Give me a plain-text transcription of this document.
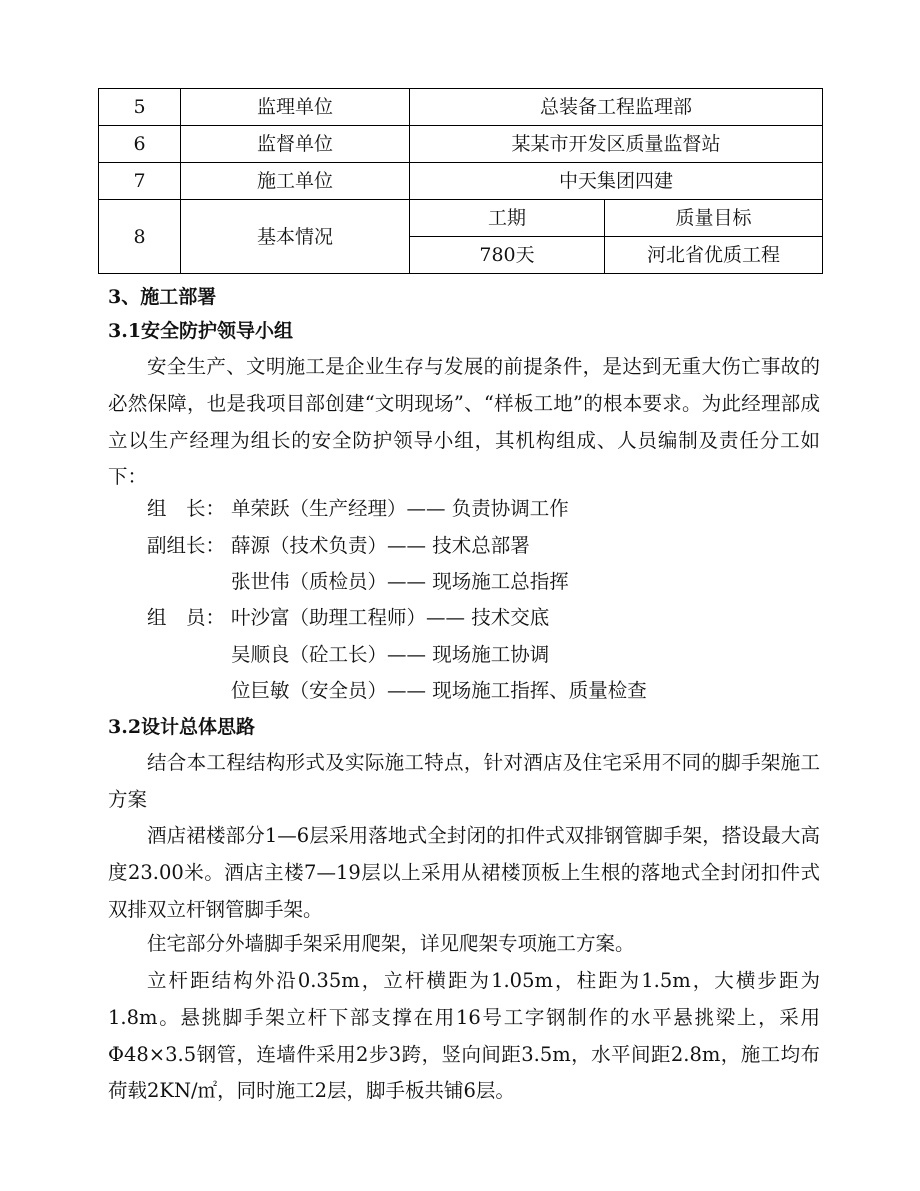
5	监理单位	总装备工程监理部	
6	监督单位	某某市开发区质量监督站	
7	施工单位	中天集团四建	
8	基本情况	工期	质量目标
		780天	河北省优质工程
3、施工部署
3.1安全防护领导小组
安全生产、文明施工是企业生存与发展的前提条件，是达到无重大伤亡事故的必然保障，也是我项目部创建“文明现场”、“样板工地”的根本要求。为此经理部成立以生产经理为组长的安全防护领导小组，其机构组成、人员编制及责任分工如下：
组　长： 单荣跃（生产经理）—— 负责协调工作
副组长： 薛源（技术负责）—— 技术总部署
张世伟（质检员）—— 现场施工总指挥
组　员： 叶沙富（助理工程师）—— 技术交底
吴顺良（砼工长）—— 现场施工协调
位巨敏（安全员）—— 现场施工指挥、质量检查
3.2设计总体思路
结合本工程结构形式及实际施工特点，针对酒店及住宅采用不同的脚手架施工方案
酒店裙楼部分1—6层采用落地式全封闭的扣件式双排钢管脚手架，搭设最大高度23.00米。酒店主楼7—19层以上采用从裙楼顶板上生根的落地式全封闭扣件式双排双立杆钢管脚手架。
住宅部分外墙脚手架采用爬架，详见爬架专项施工方案。
立杆距结构外沿0.35m，立杆横距为1.05m，柱距为1.5m，大横步距为1.8m。悬挑脚手架立杆下部支撑在用16号工字钢制作的水平悬挑梁上，采用Φ48×3.5钢管，连墙件采用2步3跨，竖向间距3.5m，水平间距2.8m，施工均布荷载2KN/㎡，同时施工2层，脚手板共铺6层。
